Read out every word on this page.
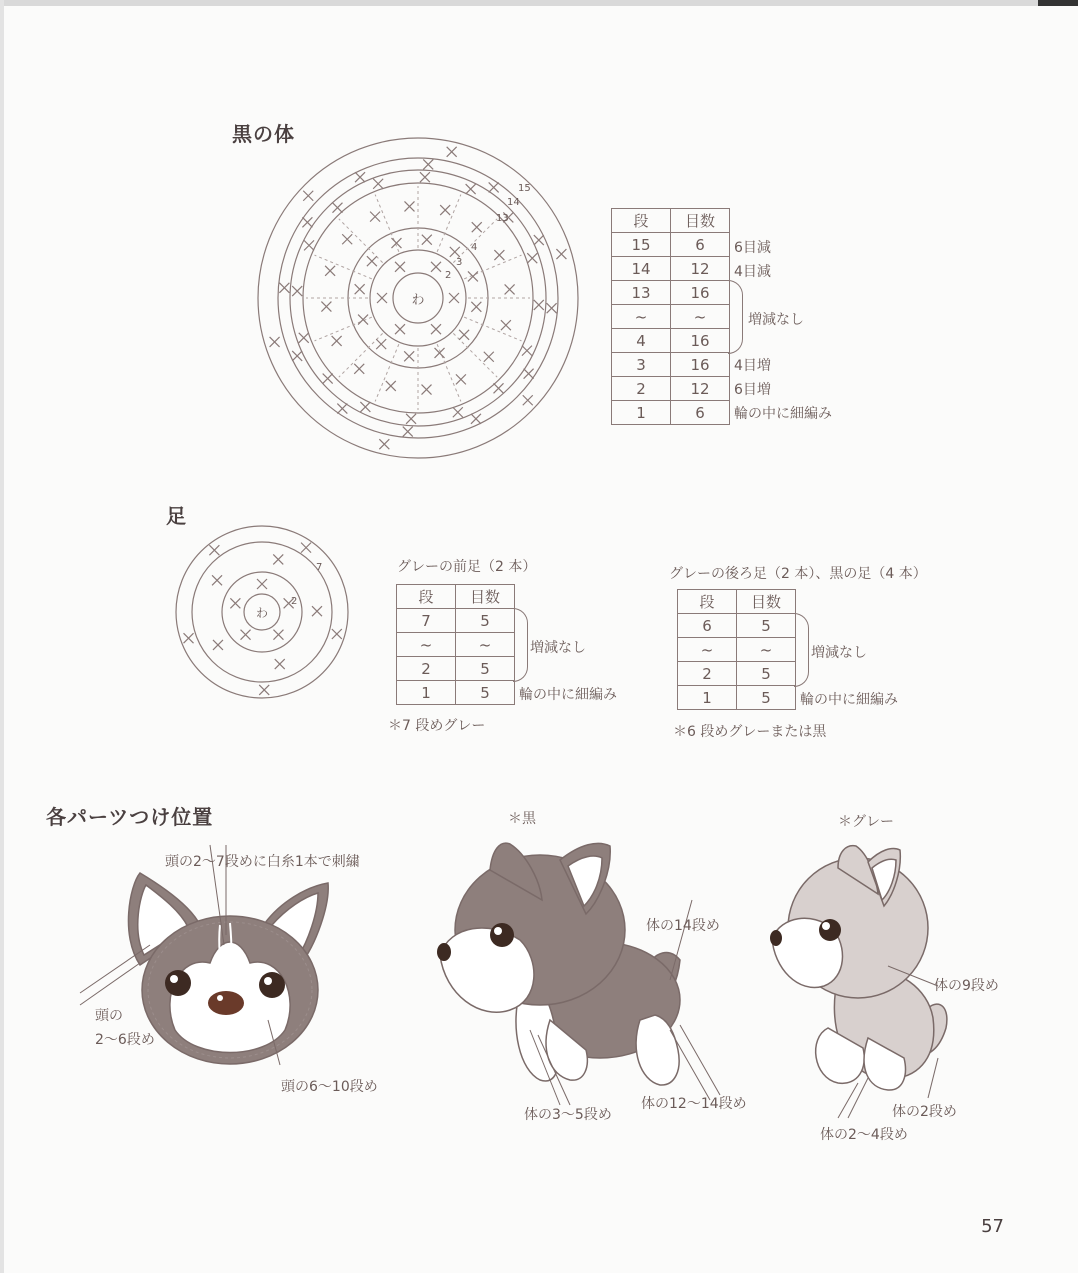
黒の体
わ
15
14
13
4
3
2
段	目数
15	6
14	12
13	16
~	~
4	16
3	16
2	12
1	6
6目減
4目減
増減なし
4目増
6目増
輪の中に細編み
足
わ
7
2
グレーの前足（2 本）
段	目数
7	5
~	~
2	5
1	5
増減なし
輪の中に細編み
＊7 段めグレー
グレーの後ろ足（2 本）、黒の足（4 本）
段	目数
6	5
~	~
2	5
1	5
増減なし
輪の中に細編み
＊6 段めグレーまたは黒
各パーツつけ位置
頭の2～7段めに白糸1本で刺繍
頭の
2～6段め
頭の6～10段め
＊黒
体の14段め
体の3～5段め
体の12～14段め
＊グレー
体の9段め
体の2段め
体の2～4段め
57
